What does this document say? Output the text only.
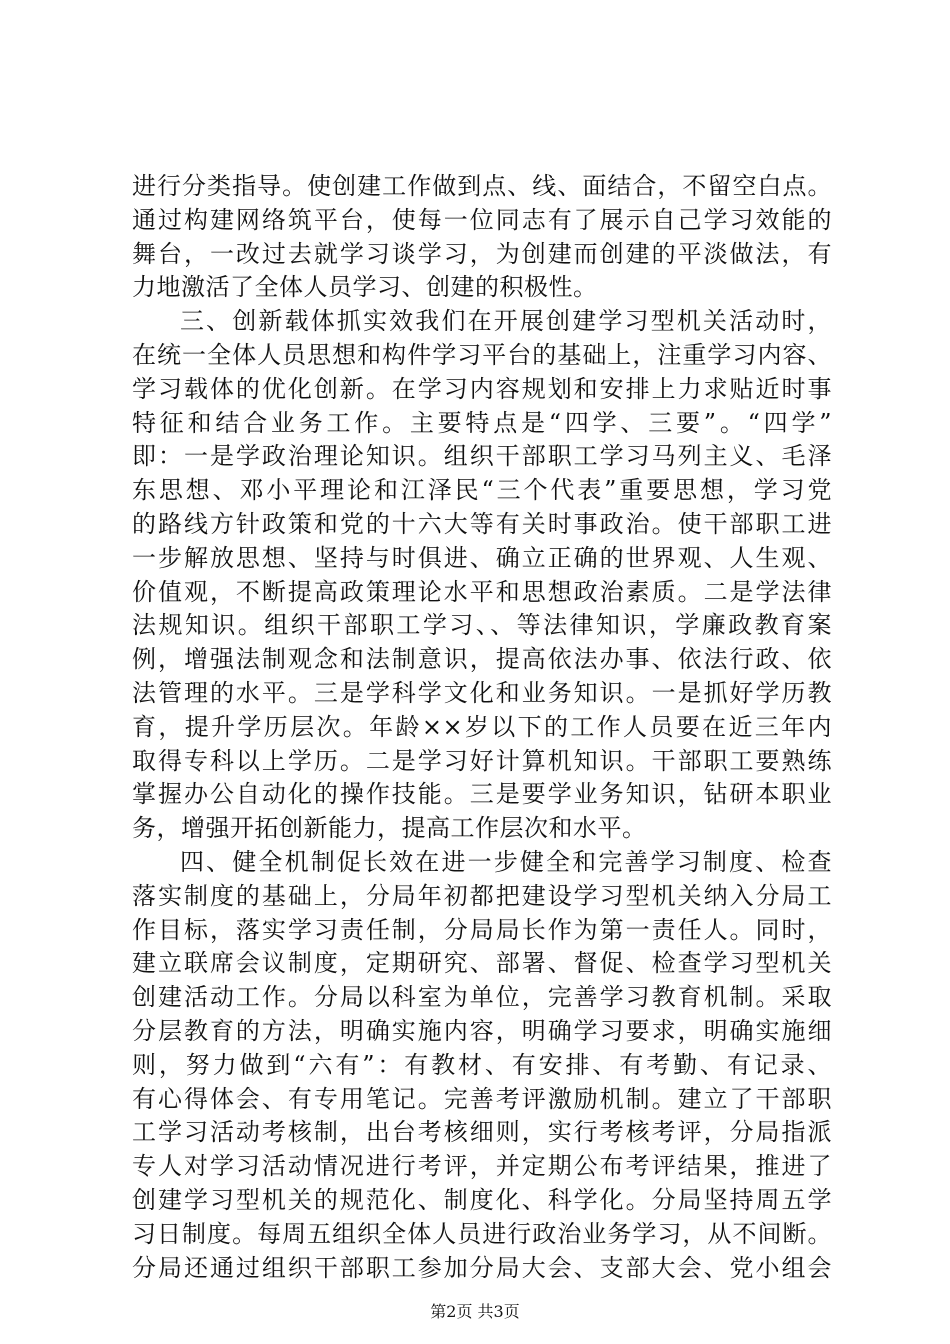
进行分类指导。使创建工作做到点、线、面结合，不留空白点。
通过构建网络筑平台，使每一位同志有了展示自己学习效能的
舞台，一改过去就学习谈学习，为创建而创建的平淡做法，有
力地激活了全体人员学习、创建的积极性。
三、创新载体抓实效我们在开展创建学习型机关活动时，
在统一全体人员思想和构件学习平台的基础上，注重学习内容、
学习载体的优化创新。在学习内容规划和安排上力求贴近时事
特征和结合业务工作。主要特点是“四学、三要”。“四学”
即：一是学政治理论知识。组织干部职工学习马列主义、毛泽
东思想、邓小平理论和江泽民“三个代表”重要思想，学习党
的路线方针政策和党的十六大等有关时事政治。使干部职工进
一步解放思想、坚持与时俱进、确立正确的世界观、人生观、
价值观，不断提高政策理论水平和思想政治素质。二是学法律
法规知识。组织干部职工学习、、等法律知识，学廉政教育案
例，增强法制观念和法制意识，提高依法办事、依法行政、依
法管理的水平。三是学科学文化和业务知识。一是抓好学历教
育，提升学历层次。年龄××岁以下的工作人员要在近三年内
取得专科以上学历。二是学习好计算机知识。干部职工要熟练
掌握办公自动化的操作技能。三是要学业务知识，钻研本职业
务，增强开拓创新能力，提高工作层次和水平。
四、健全机制促长效在进一步健全和完善学习制度、检查
落实制度的基础上，分局年初都把建设学习型机关纳入分局工
作目标，落实学习责任制，分局局长作为第一责任人。同时，
建立联席会议制度，定期研究、部署、督促、检查学习型机关
创建活动工作。分局以科室为单位，完善学习教育机制。采取
分层教育的方法，明确实施内容，明确学习要求，明确实施细
则，努力做到“六有”：有教材、有安排、有考勤、有记录、
有心得体会、有专用笔记。完善考评激励机制。建立了干部职
工学习活动考核制，出台考核细则，实行考核考评，分局指派
专人对学习活动情况进行考评，并定期公布考评结果，推进了
创建学习型机关的规范化、制度化、科学化。分局坚持周五学
习日制度。每周五组织全体人员进行政治业务学习，从不间断。
分局还通过组织干部职工参加分局大会、支部大会、党小组会
第2页 共3页
